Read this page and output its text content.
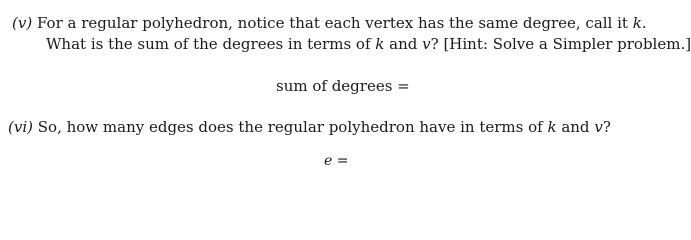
(v) For a regular polyhedron, notice that each vertex has the same degree, call it k.
What is the sum of the degrees in terms of k and v? [Hint: Solve a Simpler problem.]
sum of degrees =
(vi) So, how many edges does the regular polyhedron have in terms of k and v?
e =
